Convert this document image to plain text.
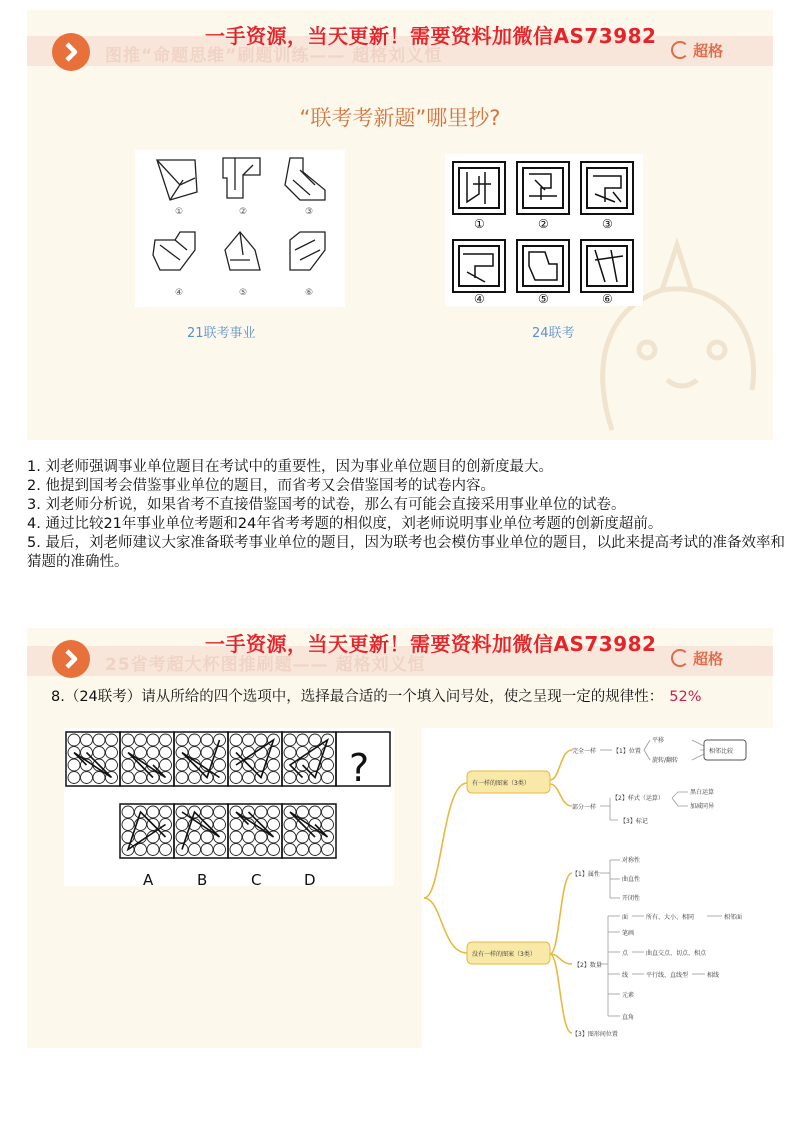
图推“命题思维”刷题训练—— 超格刘义恒
一手资源，当天更新！需要资料加微信AS73982
超格
“联考考新题”哪里抄?
①	②	③
④	⑤	⑥
21联考事业
①	②	③
④	⑤	⑥
24联考

1. 刘老师强调事业单位题目在考试中的重要性，因为事业单位题目的创新度最大。

2. 他提到国考会借鉴事业单位的题目，而省考又会借鉴国考的试卷内容。

3. 刘老师分析说，如果省考不直接借鉴国考的试卷，那么有可能会直接采用事业单位的试卷。

4. 通过比较21年事业单位考题和24年省考考题的相似度，刘老师说明事业单位考题的创新度超前。

5. 最后，刘老师建议大家准备联考事业单位的题目，因为联考也会模仿事业单位的题目，以此来提高考试的准备效率和猜题的准确性。

25省考超大杯图推刷题—— 超格刘义恒
一手资源，当天更新！需要资料加微信AS73982
超格
8.（24联考）请从所给的四个选项中，选择最合适的一个填入问号处，使之呈现一定的规律性： 52%
?
A	B	C	D
有一样的图案（3类）
没有一样的图案（3类）
完全一样	【1】位置
平移
旋转/翻转
相邻比较
部分一样
【2】样式（运算）
黑白运算
加减同异
【3】标记
【1】属性
对称性
曲直性
开闭性
【2】数量
面	所有、大小、相同	相邻面
笔画
点	曲直交点、切点、相点
线	平行线、直线型	相线
元素
直角
【3】图形间位置
